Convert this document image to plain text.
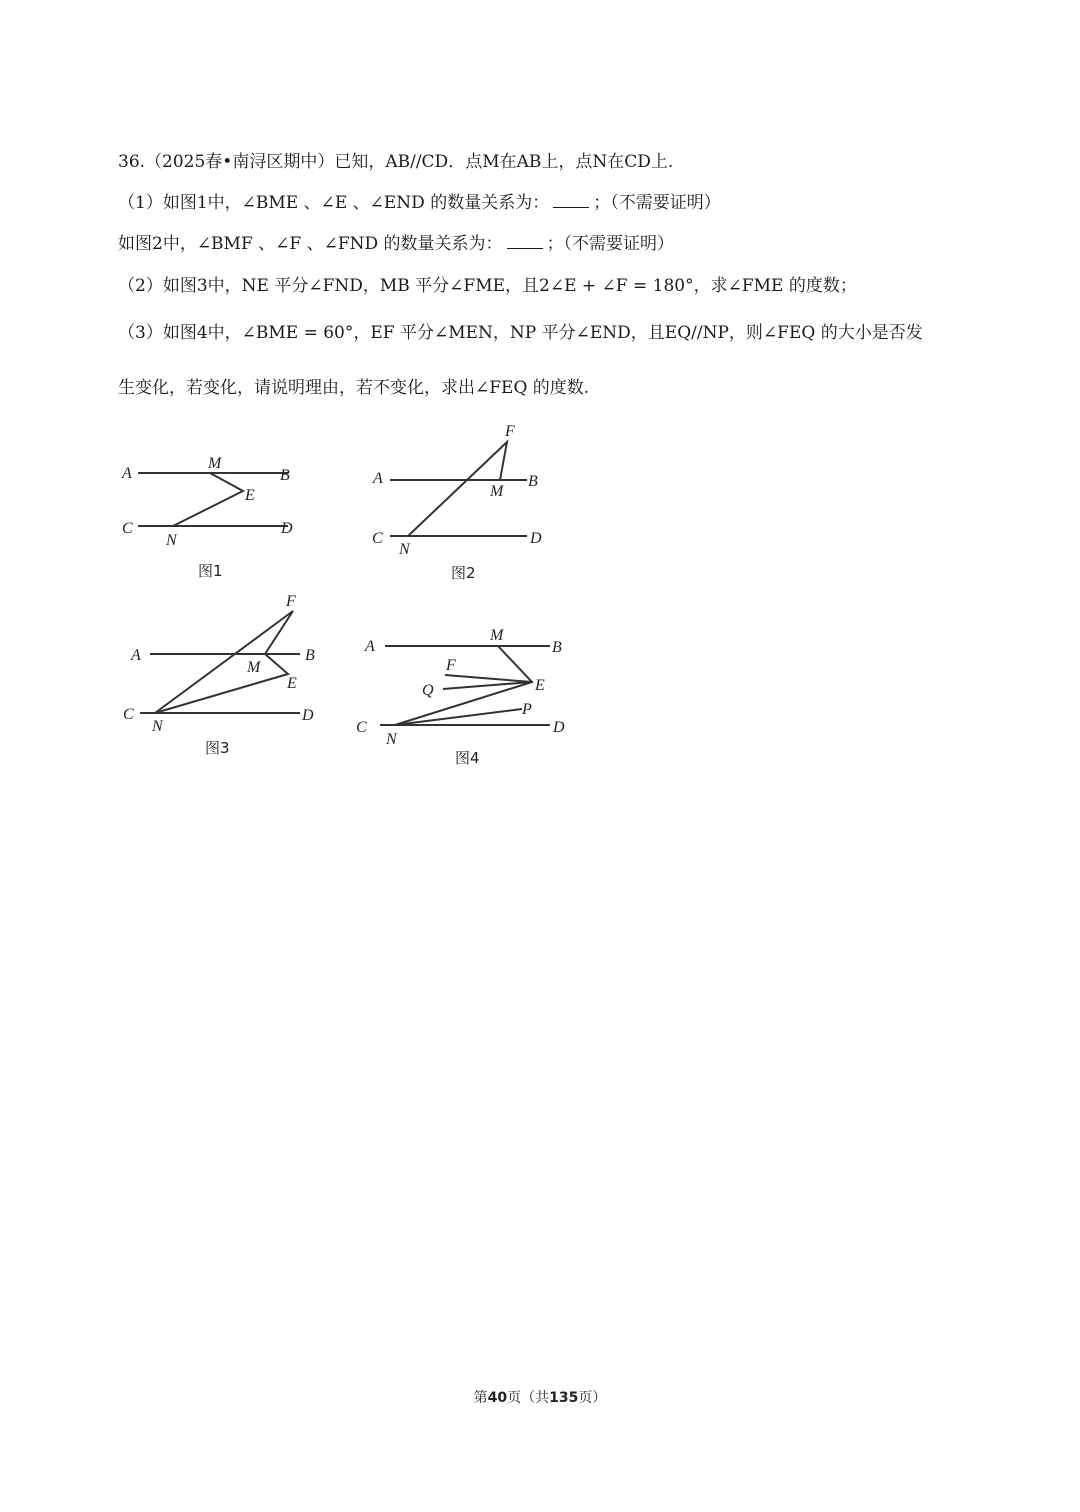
36.（2025春•南浔区期中）已知，AB//CD．点M在AB上，点N在CD上.
（1）如图1中，∠BME 、∠E 、∠END 的数量关系为：	；（不需要证明）
如图2中，∠BMF 、∠F 、∠FND 的数量关系为：	；（不需要证明）
（2）如图3中，NE 平分∠FND，MB 平分∠FME，且2∠E + ∠F = 180°，求∠FME 的度数；
（3）如图4中，∠BME = 60°，EF 平分∠MEN，NP 平分∠END，且EQ//NP，则∠FEQ 的大小是否发
生变化，若变化，请说明理由，若不变化，求出∠FEQ 的度数.
A	B
M
E
C	D
N
图1
A	B
F
M
C	D
N
图2
A	B
F
M
E
C	D
N
图3
A	B
M
F
Q	E
P
C	D
N
图4
第40页（共135页）
